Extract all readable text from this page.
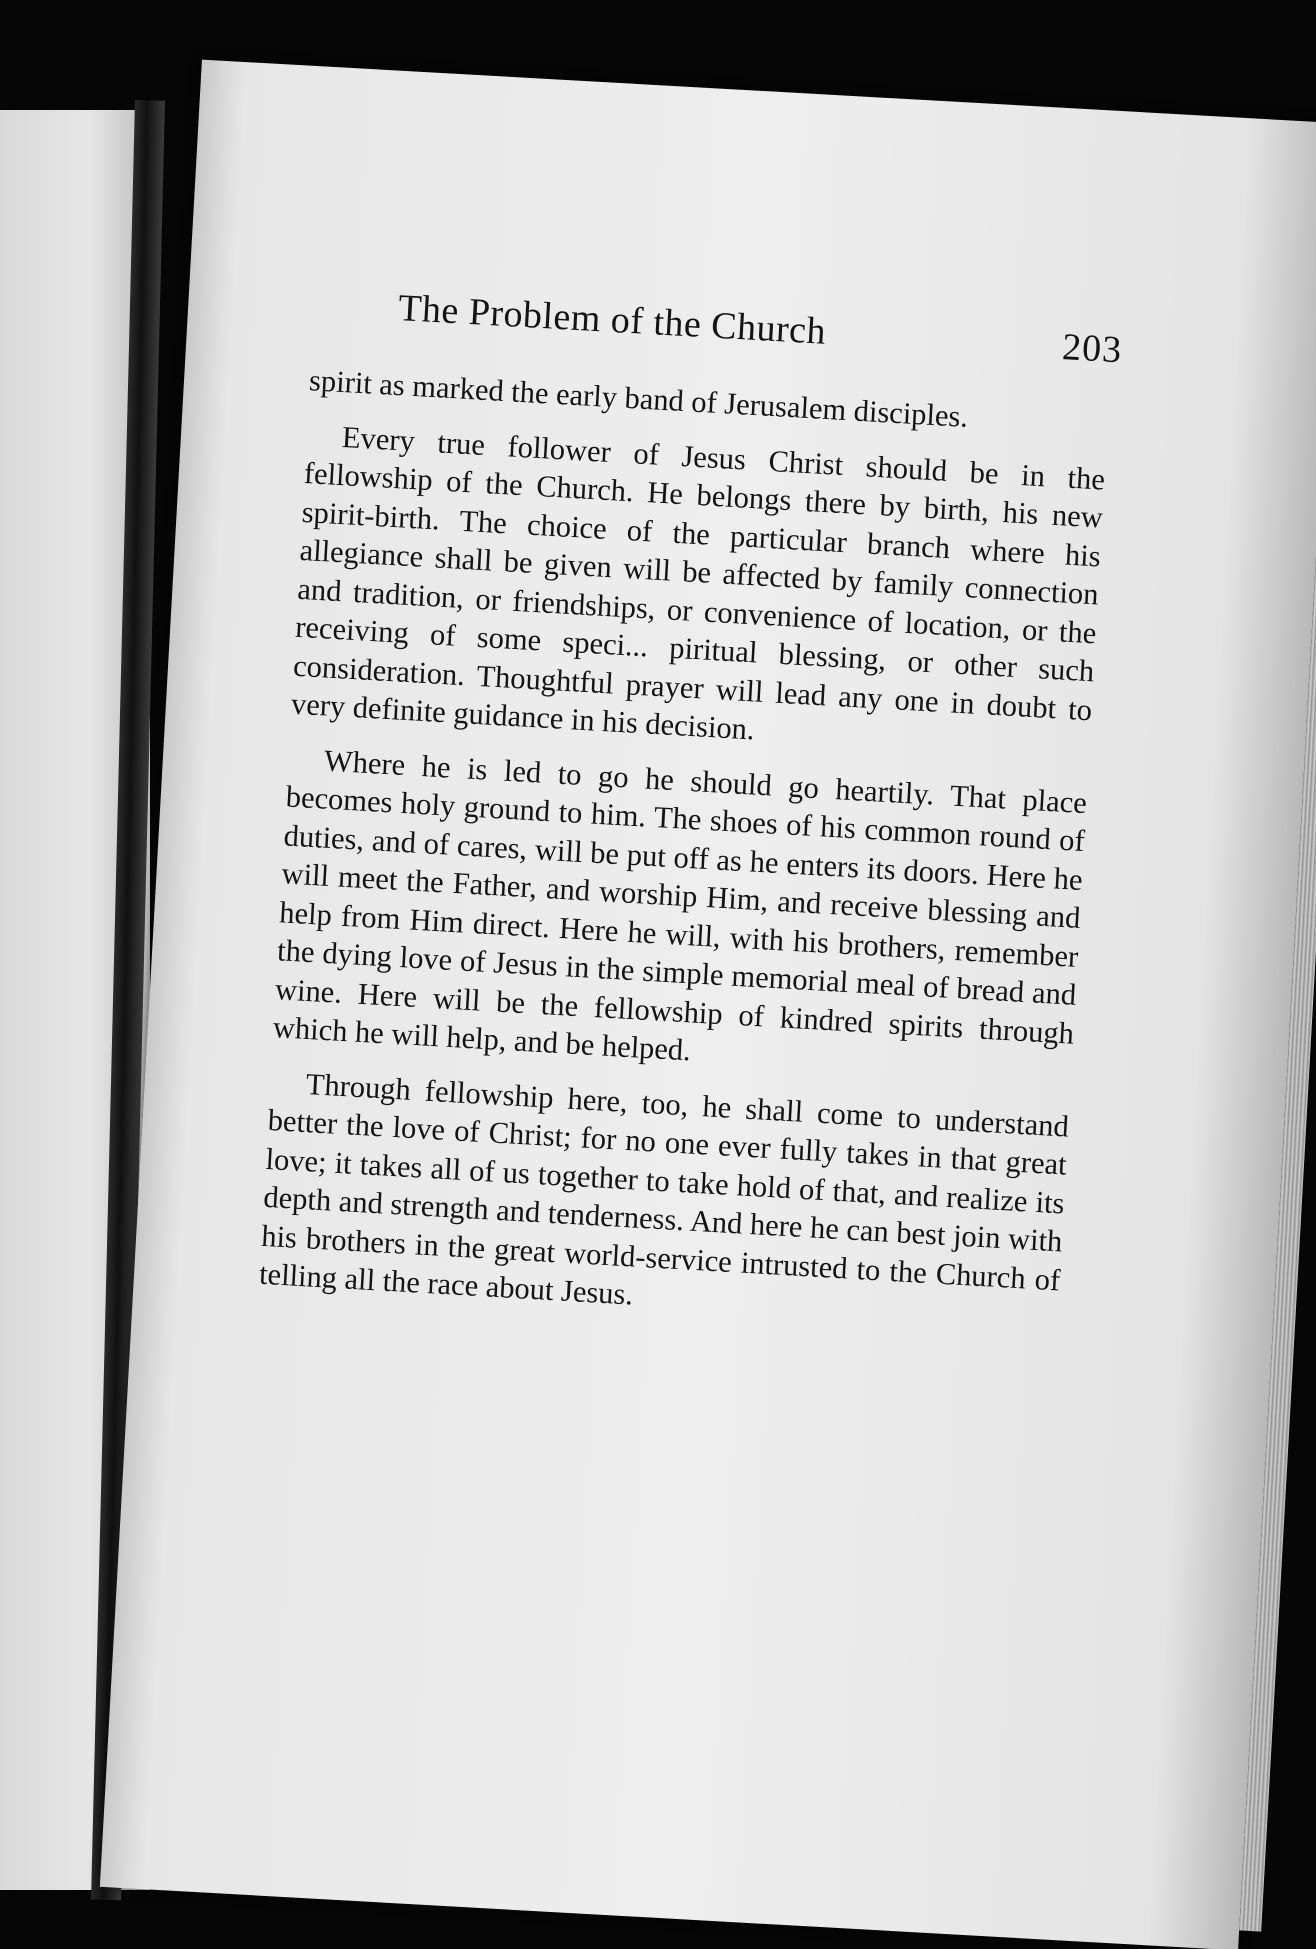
The Problem of the Church	203

spirit as marked the early band of Jerusalem disciples.

Every true follower of Jesus Christ should be in the fellowship of the Church. He belongs there by birth, his new spirit-birth. The choice of the particular branch where his allegiance shall be given will be affected by family connection and tradition, or friendships, or convenience of location, or the receiving of some speci... piritual blessing, or other such consideration. Thoughtful prayer will lead any one in doubt to very definite guidance in his decision.

Where he is led to go he should go heartily. That place becomes holy ground to him. The shoes of his common round of duties, and of cares, will be put off as he enters its doors. Here he will meet the Father, and worship Him, and receive blessing and help from Him direct. Here he will, with his brothers, remember the dying love of Jesus in the simple memorial meal of bread and wine. Here will be the fellowship of kindred spirits through which he will help, and be helped.

Through fellowship here, too, he shall come to understand better the love of Christ; for no one ever fully takes in that great love; it takes all of us together to take hold of that, and realize its depth and strength and tenderness. And here he can best join with his brothers in the great world-service intrusted to the Church of telling all the race about Jesus.
